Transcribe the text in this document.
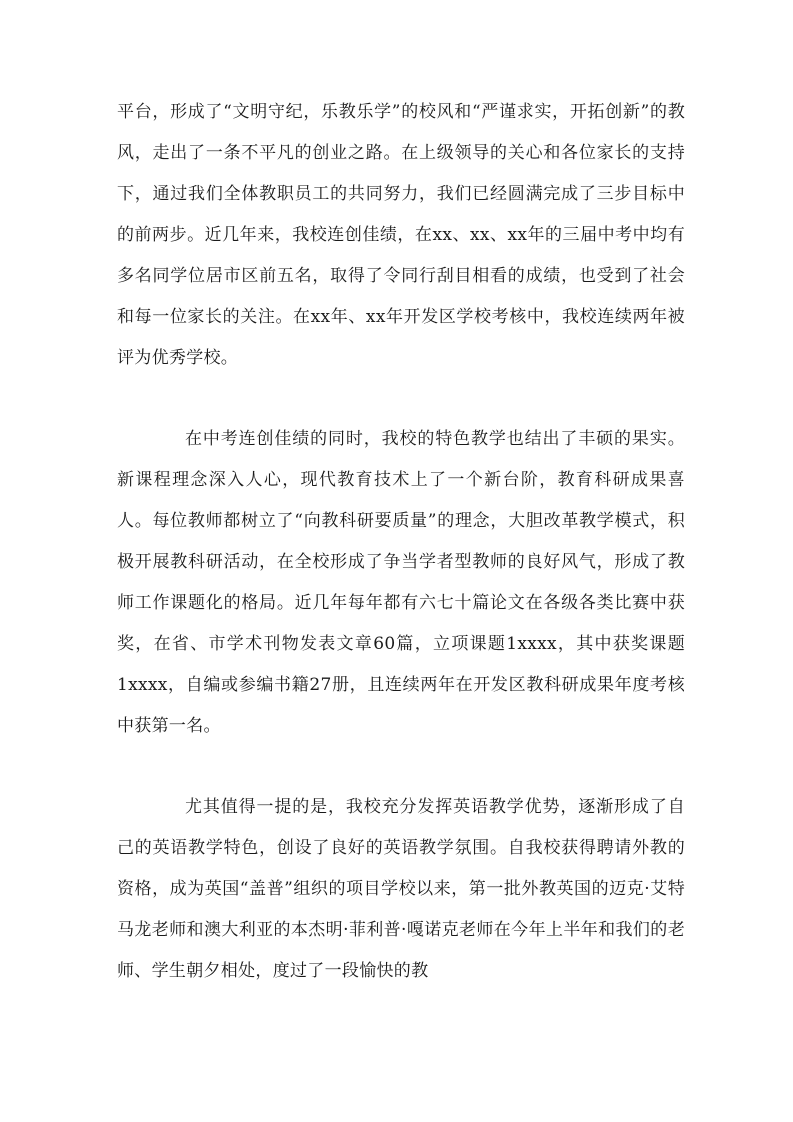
平台，形成了“文明守纪，乐教乐学”的校风和“严谨求实，开拓创新”的教风，走出了一条不平凡的创业之路。在上级领导的关心和各位家长的支持下，通过我们全体教职员工的共同努力，我们已经圆满完成了三步目标中的前两步。近几年来，我校连创佳绩，在xx、xx、xx年的三届中考中均有多名同学位居市区前五名，取得了令同行刮目相看的成绩，也受到了社会和每一位家长的关注。在xx年、xx年开发区学校考核中，我校连续两年被评为优秀学校。

在中考连创佳绩的同时，我校的特色教学也结出了丰硕的果实。新课程理念深入人心，现代教育技术上了一个新台阶，教育科研成果喜人。每位教师都树立了“向教科研要质量”的理念，大胆改革教学模式，积极开展教科研活动，在全校形成了争当学者型教师的良好风气，形成了教师工作课题化的格局。近几年每年都有六七十篇论文在各级各类比赛中获奖，在省、市学术刊物发表文章60篇，立项课题1xxxx，其中获奖课题1xxxx，自编或参编书籍27册，且连续两年在开发区教科研成果年度考核中获第一名。

尤其值得一提的是，我校充分发挥英语教学优势，逐渐形成了自己的英语教学特色，创设了良好的英语教学氛围。自我校获得聘请外教的资格，成为英国“盖普”组织的项目学校以来，第一批外教英国的迈克·艾特马龙老师和澳大利亚的本杰明·菲利普·嘎诺克老师在今年上半年和我们的老师、学生朝夕相处，度过了一段愉快的教
